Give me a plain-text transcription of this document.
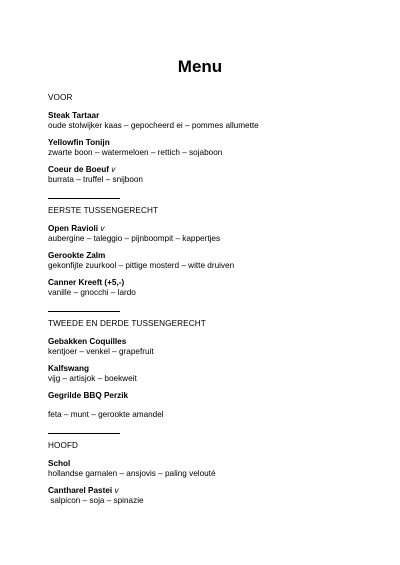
Menu

VOOR

Steak Tartaar
oude stolwijker kaas – gepocheerd ei – pommes allumette
Yellowfin Tonijn
zwarte boon – watermeloen – rettich – sojaboon
Coeur de Boeuf v
burrata – truffel – snijboon

EERSTE TUSSENGERECHT

Open Ravioli v
aubergine – taleggio – pijnboompit – kappertjes
Gerookte Zalm
gekonfijte zuurkool – pittige mosterd – witte druiven
Canner Kreeft (+5,-)
vanille – gnocchi – lardo

TWEEDE EN DERDE TUSSENGERECHT

Gebakken Coquilles
kentjoer – venkel – grapefruit
Kalfswang
vijg – artisjok – boekweit
Gegrilde BBQ Perzik
feta – munt – gerookte amandel

HOOFD

Schol
hollandse garnalen – ansjovis – paling velouté
Cantharel Pastei v
salpicon – soja – spinazie
